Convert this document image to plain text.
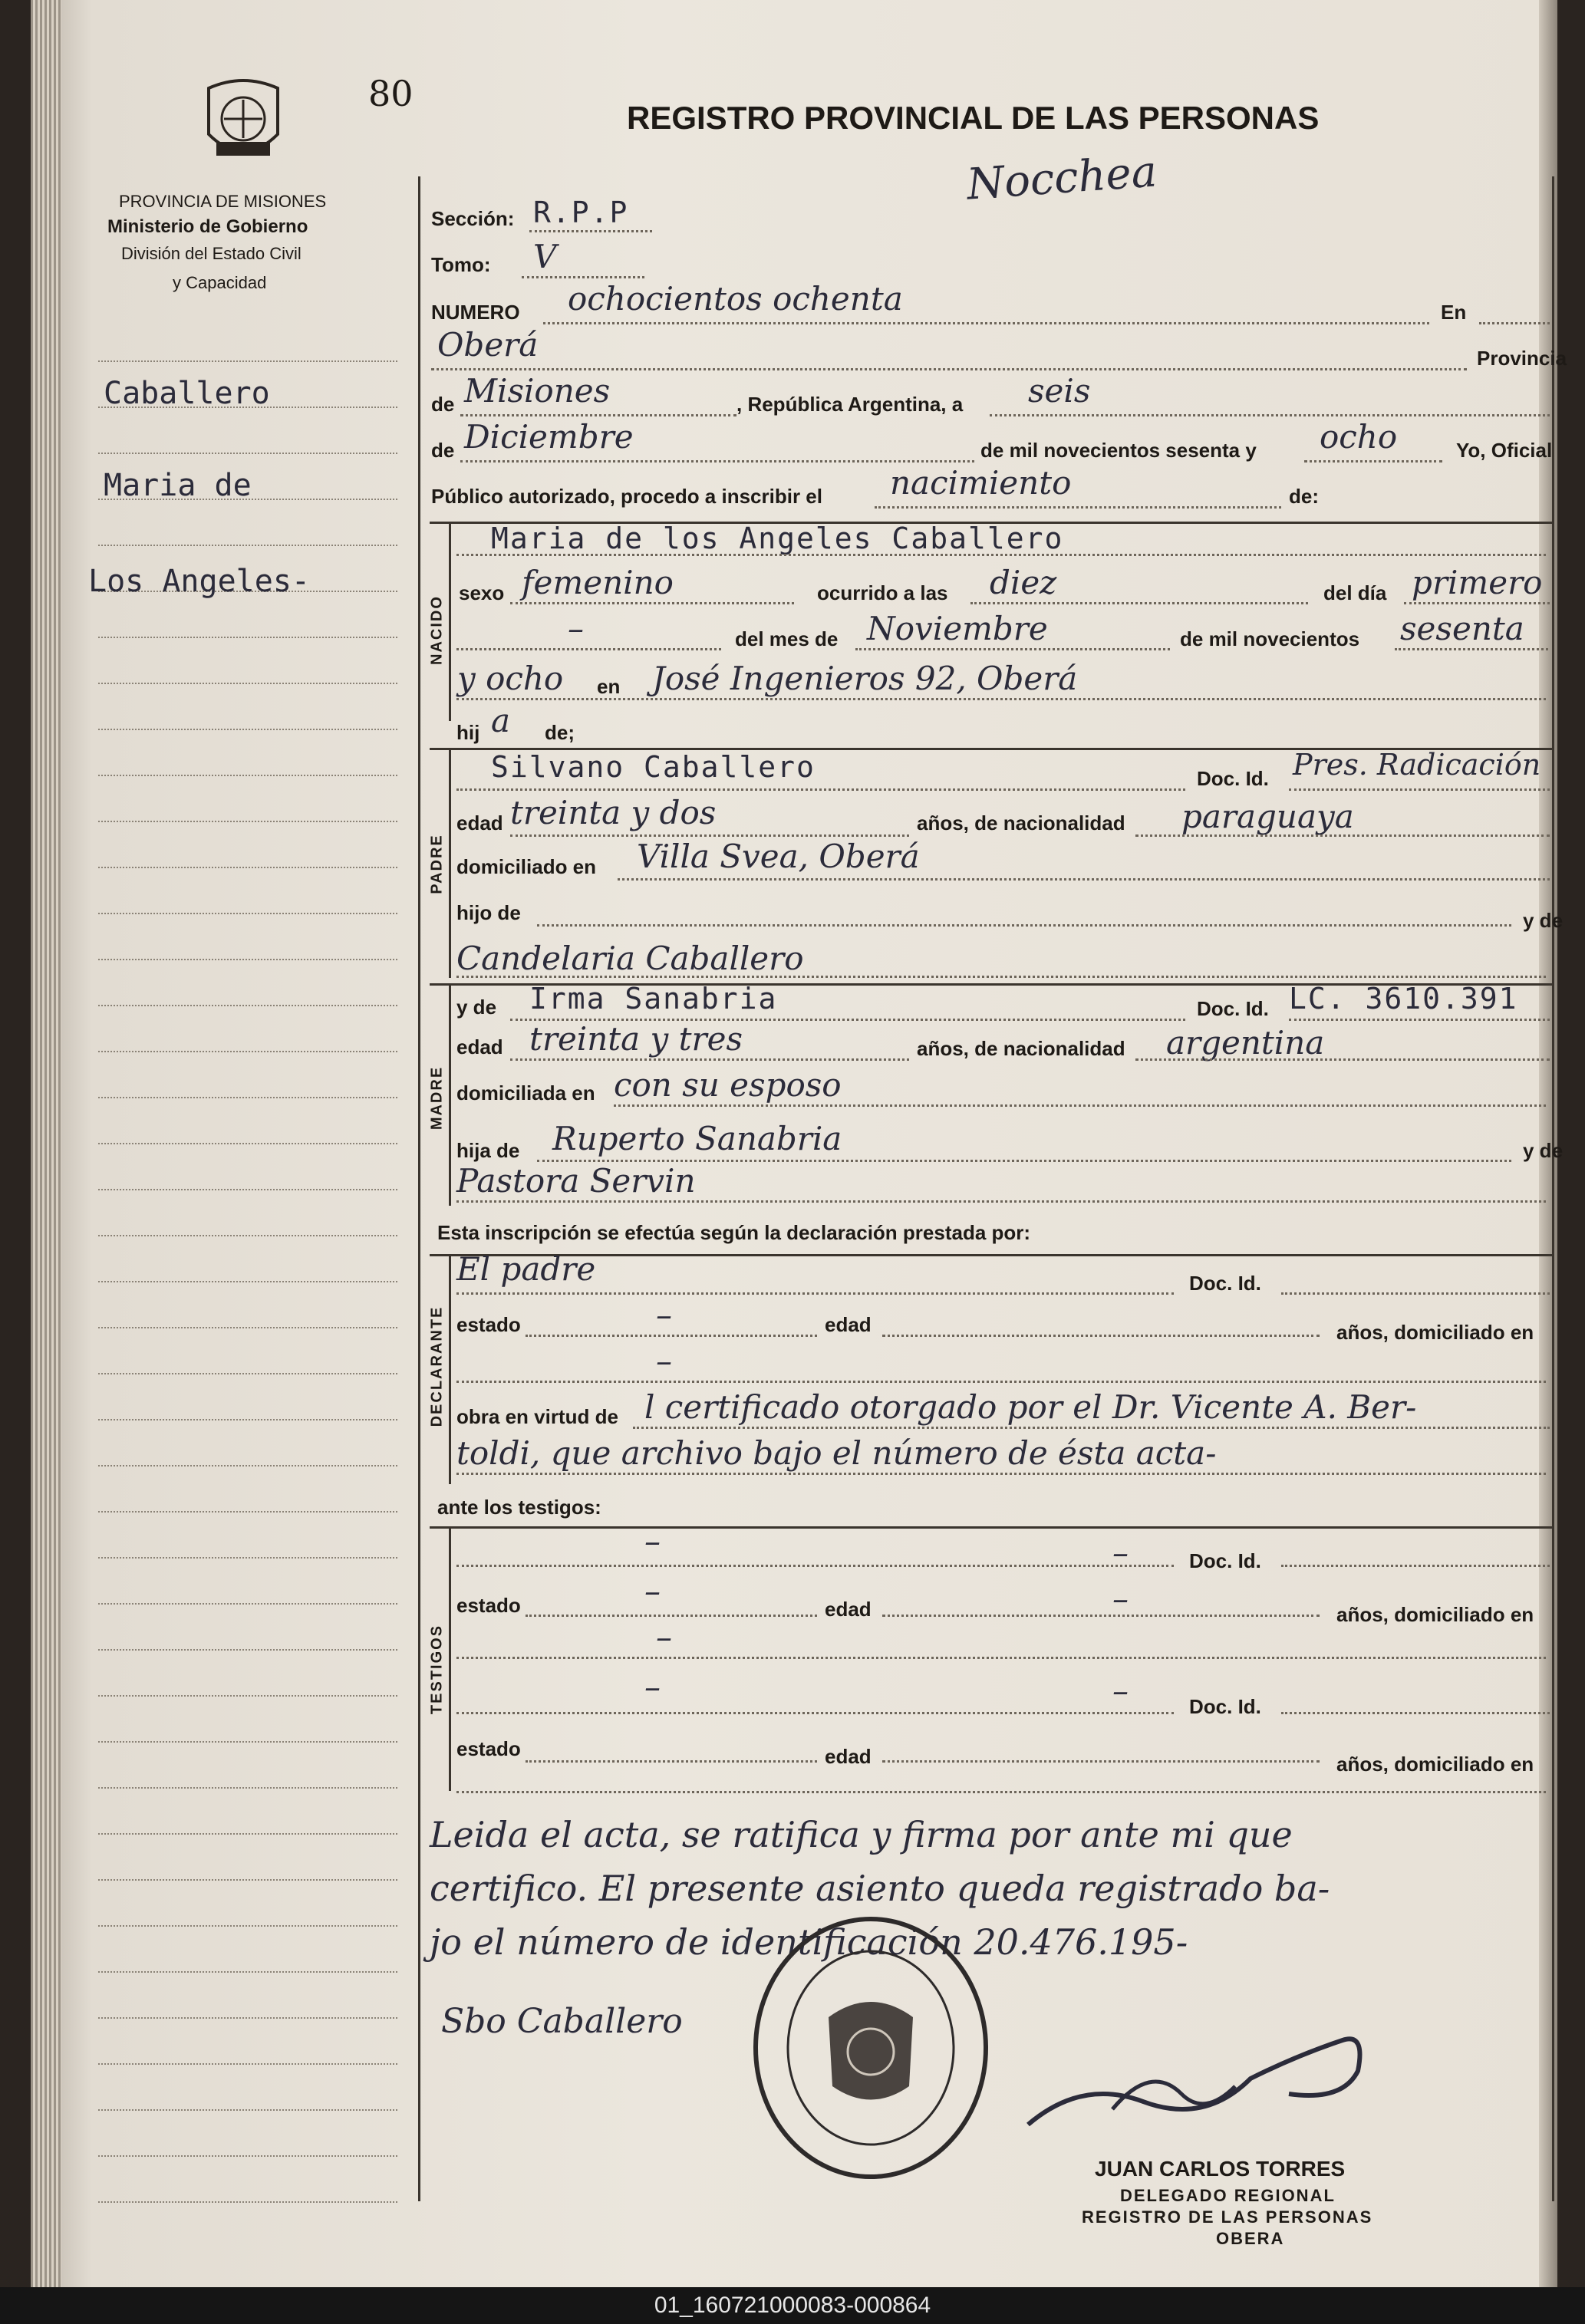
80
REGISTRO PROVINCIAL DE LAS PERSONAS
Nocchea
PROVINCIA DE MISIONES
Ministerio de Gobierno
División del Estado Civil
y Capacidad
Caballero
Maria de
Los Angeles-
Sección: R.P.P
Tomo: V
NUMERO ochocientos ochenta	En
Oberá	Provincia
de Misiones	, República Argentina, a seis
de Diciembre	de mil novecientos sesenta y ocho	Yo, Oficial
Público autorizado, procedo a inscribir el nacimiento	de:
NACIDO
Maria de los Angeles Caballero
sexo femenino	ocurrido a las diez	del día primero
–	del mes de Noviembre	de mil novecientos sesenta
y ocho en José Ingenieros 92, Oberá
hij a de;
PADRE
Silvano Caballero	Doc. Id. Pres. Radicación
edad treinta y dos	años, de nacionalidad paraguaya
domiciliado en Villa Svea, Oberá
hijo de	y de
Candelaria Caballero
MADRE
y de Irma Sanabria	Doc. Id. LC. 3610.391
edad treinta y tres	años, de nacionalidad argentina
domiciliada en con su esposo
hija de Ruperto Sanabria	y de
Pastora Servin
Esta inscripción se efectúa según la declaración prestada por:
DECLARANTE
El padre	Doc. Id.
estado	–	edad	años, domiciliado en
–
obra en virtud de l certificado otorgado por el Dr. Vicente A. Ber-
toldi, que archivo bajo el número de ésta acta-
ante los testigos:
TESTIGOS
–	–	Doc. Id.
estado	–	edad	–	años, domiciliado en
–
–	–	Doc. Id.
estado	edad	años, domiciliado en
Leida el acta, se ratifica y firma por ante mi que
certifico. El presente asiento queda registrado ba-
jo el número de identificación 20.476.195-
Sbo Caballero
JUAN CARLOS TORRES
DELEGADO REGIONAL
REGISTRO DE LAS PERSONAS
OBERA
01_160721000083-000864
